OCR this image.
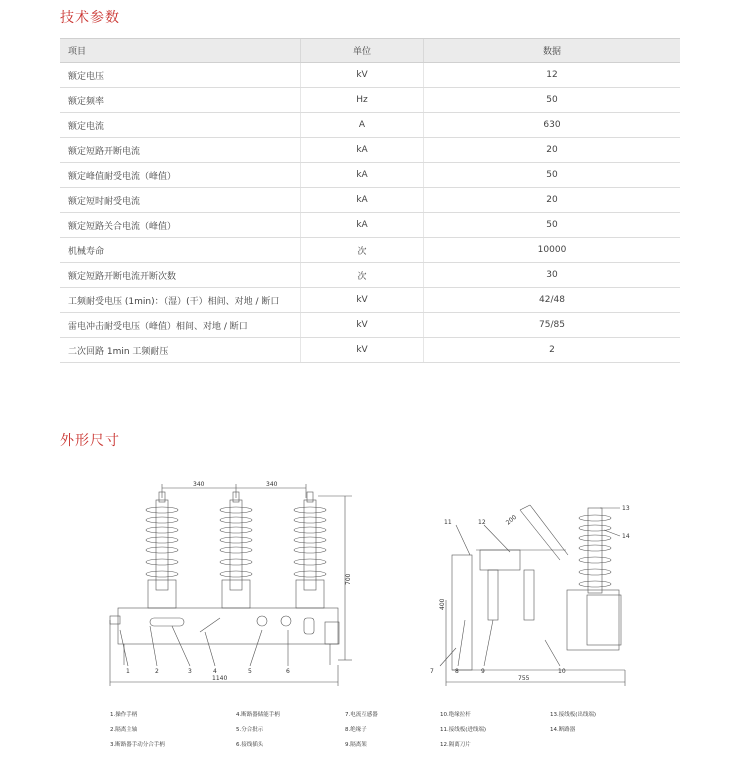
技术参数
项目	单位	数据
额定电压	kV	12
额定频率	Hz	50
额定电流	A	630
额定短路开断电流	kA	20
额定峰值耐受电流（峰值）	kA	50
额定短时耐受电流	kA	20
额定短路关合电流（峰值）	kA	50
机械寿命	次	10000
额定短路开断电流开断次数	次	30
工频耐受电压 (1min)：（湿）(干）相间、对地 / 断口	kV	42/48
雷电冲击耐受电压（峰值）相间、对地 / 断口	kV	75/85
二次回路 1min 工频耐压	kV	2
外形尺寸
340	340
700
1140
400
755
200
1	2	3	4	5	6	7	8	9	10
11	12
13
14
1.操作手柄
2.隔离主轴
3.断路器手动分合手柄
4.断路器储能手柄
5.分合批示
6.接线插头
7.电流互感器
8.绝缘子
9.隔离架
10.绝缘拉杆
11.接线板(进线端)
12.隔离刀片
13.接线板(出线端)
14.断路器
